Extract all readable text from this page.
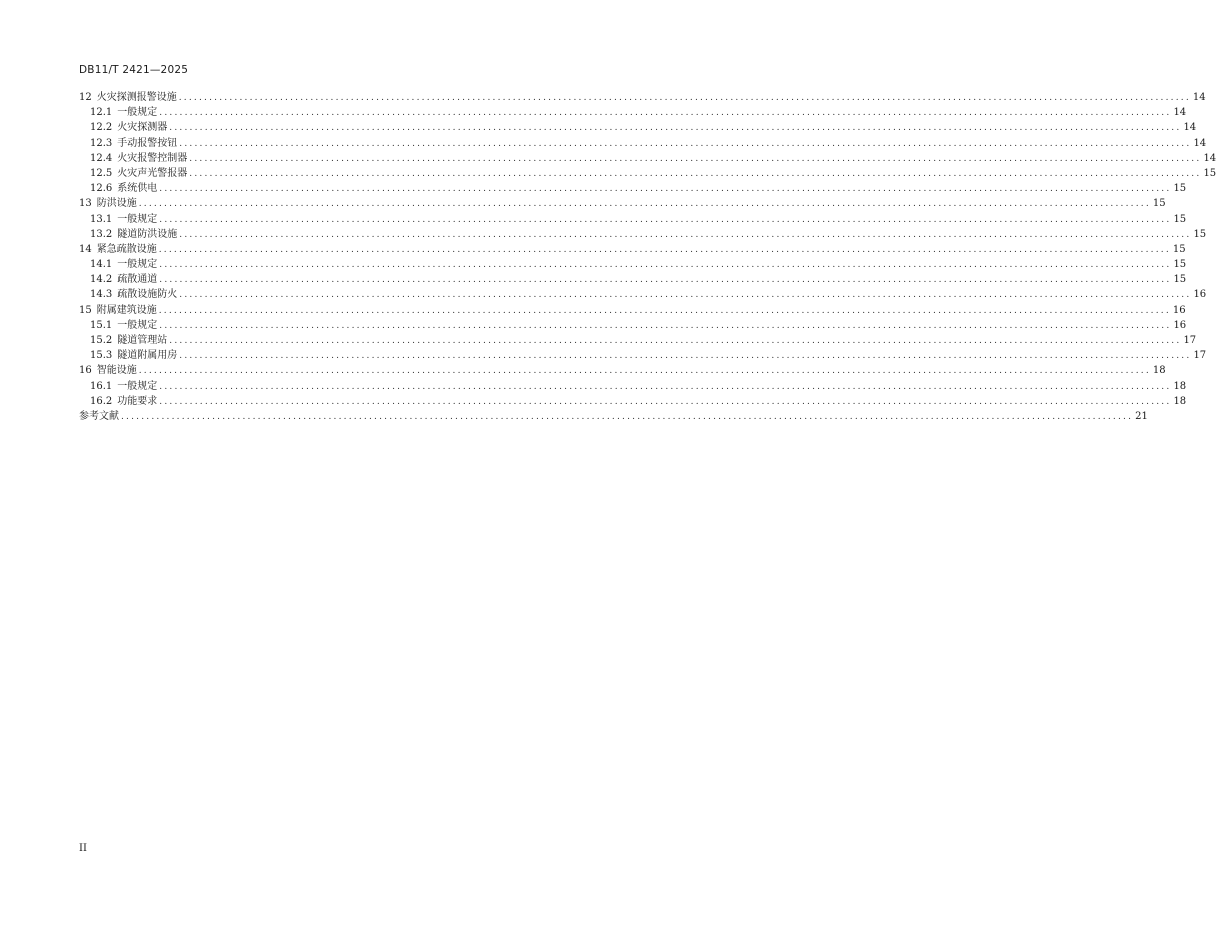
DB11/T 2421—2025
12 火灾探测报警设施 ........................................................................................................................................................................................................ 14
12.1 一般规定 ........................................................................................................................................................................................................ 14
12.2 火灾探测器 ........................................................................................................................................................................................................ 14
12.3 手动报警按钮 ........................................................................................................................................................................................................ 14
12.4 火灾报警控制器 ........................................................................................................................................................................................................ 14
12.5 火灾声光警报器 ........................................................................................................................................................................................................ 15
12.6 系统供电 ........................................................................................................................................................................................................ 15
13 防洪设施 ........................................................................................................................................................................................................ 15
13.1 一般规定 ........................................................................................................................................................................................................ 15
13.2 隧道防洪设施 ........................................................................................................................................................................................................ 15
14 紧急疏散设施 ........................................................................................................................................................................................................ 15
14.1 一般规定 ........................................................................................................................................................................................................ 15
14.2 疏散通道 ........................................................................................................................................................................................................ 15
14.3 疏散设施防火 ........................................................................................................................................................................................................ 16
15 附属建筑设施 ........................................................................................................................................................................................................ 16
15.1 一般规定 ........................................................................................................................................................................................................ 16
15.2 隧道管理站 ........................................................................................................................................................................................................ 17
15.3 隧道附属用房 ........................................................................................................................................................................................................ 17
16 智能设施 ........................................................................................................................................................................................................ 18
16.1 一般规定 ........................................................................................................................................................................................................ 18
16.2 功能要求 ........................................................................................................................................................................................................ 18
参考文献 ........................................................................................................................................................................................................ 21
II
